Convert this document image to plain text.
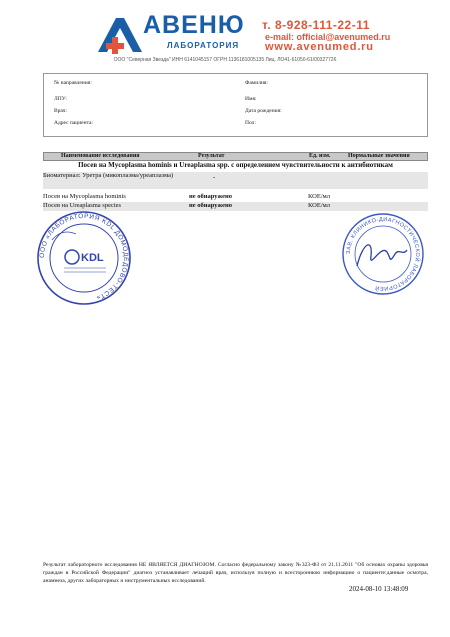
АВЕНЮ
ЛАБОРАТОРИЯ
т. 8-928-111-22-11
e-mail: official@avenumed.ru
www.avenumed.ru
ООО "Северная Звезда" ИНН 6141045157 ОГРН 1136181005135 Лиц. ЛО41-61050-61/00327726
№ направления:	Фамилия:
ЛПУ:	Имя:
Врач:	Дата рождения:
Адрес пациента:	Пол:
Наименование исследования	Результат	Ед. изм.	Нормальные значения
Посев на Mycoplasma hominis и Ureaplasma spp. с определением чувствительности к антибиотикам
Биоматериал: Уретра (микоплазма/уреаплазма)	-
Посев на Mycoplasma hominis	не обнаружено	КОЕ/мл
Посев на Ureaplasma species	не обнаружено	КОЕ/мл
ООО «ЛАБОРАТОРИЯ KDL ДОМОДЕДОВО-ТЕСТ»
KDL	ЗАВ. КЛИНИКО-ДИАГНОСТИЧЕСКОЙ ЛАБОРАТОРИЕЙ
Результат лабораторного исследования НЕ ЯВЛЯЕТСЯ ДИАГНОЗОМ. Согласно федеральному закону №323-ФЗ от 21.11.2011 "Об основах охраны здоровья граждан в Российской Федерации" диагноз устанавливает лечащий врач, используя полную и всестороннюю информацию о пациенте:данные осмотра, анамнеза, других лабораторных и инструментальных исследований.
2024-08-10 13:48:09
